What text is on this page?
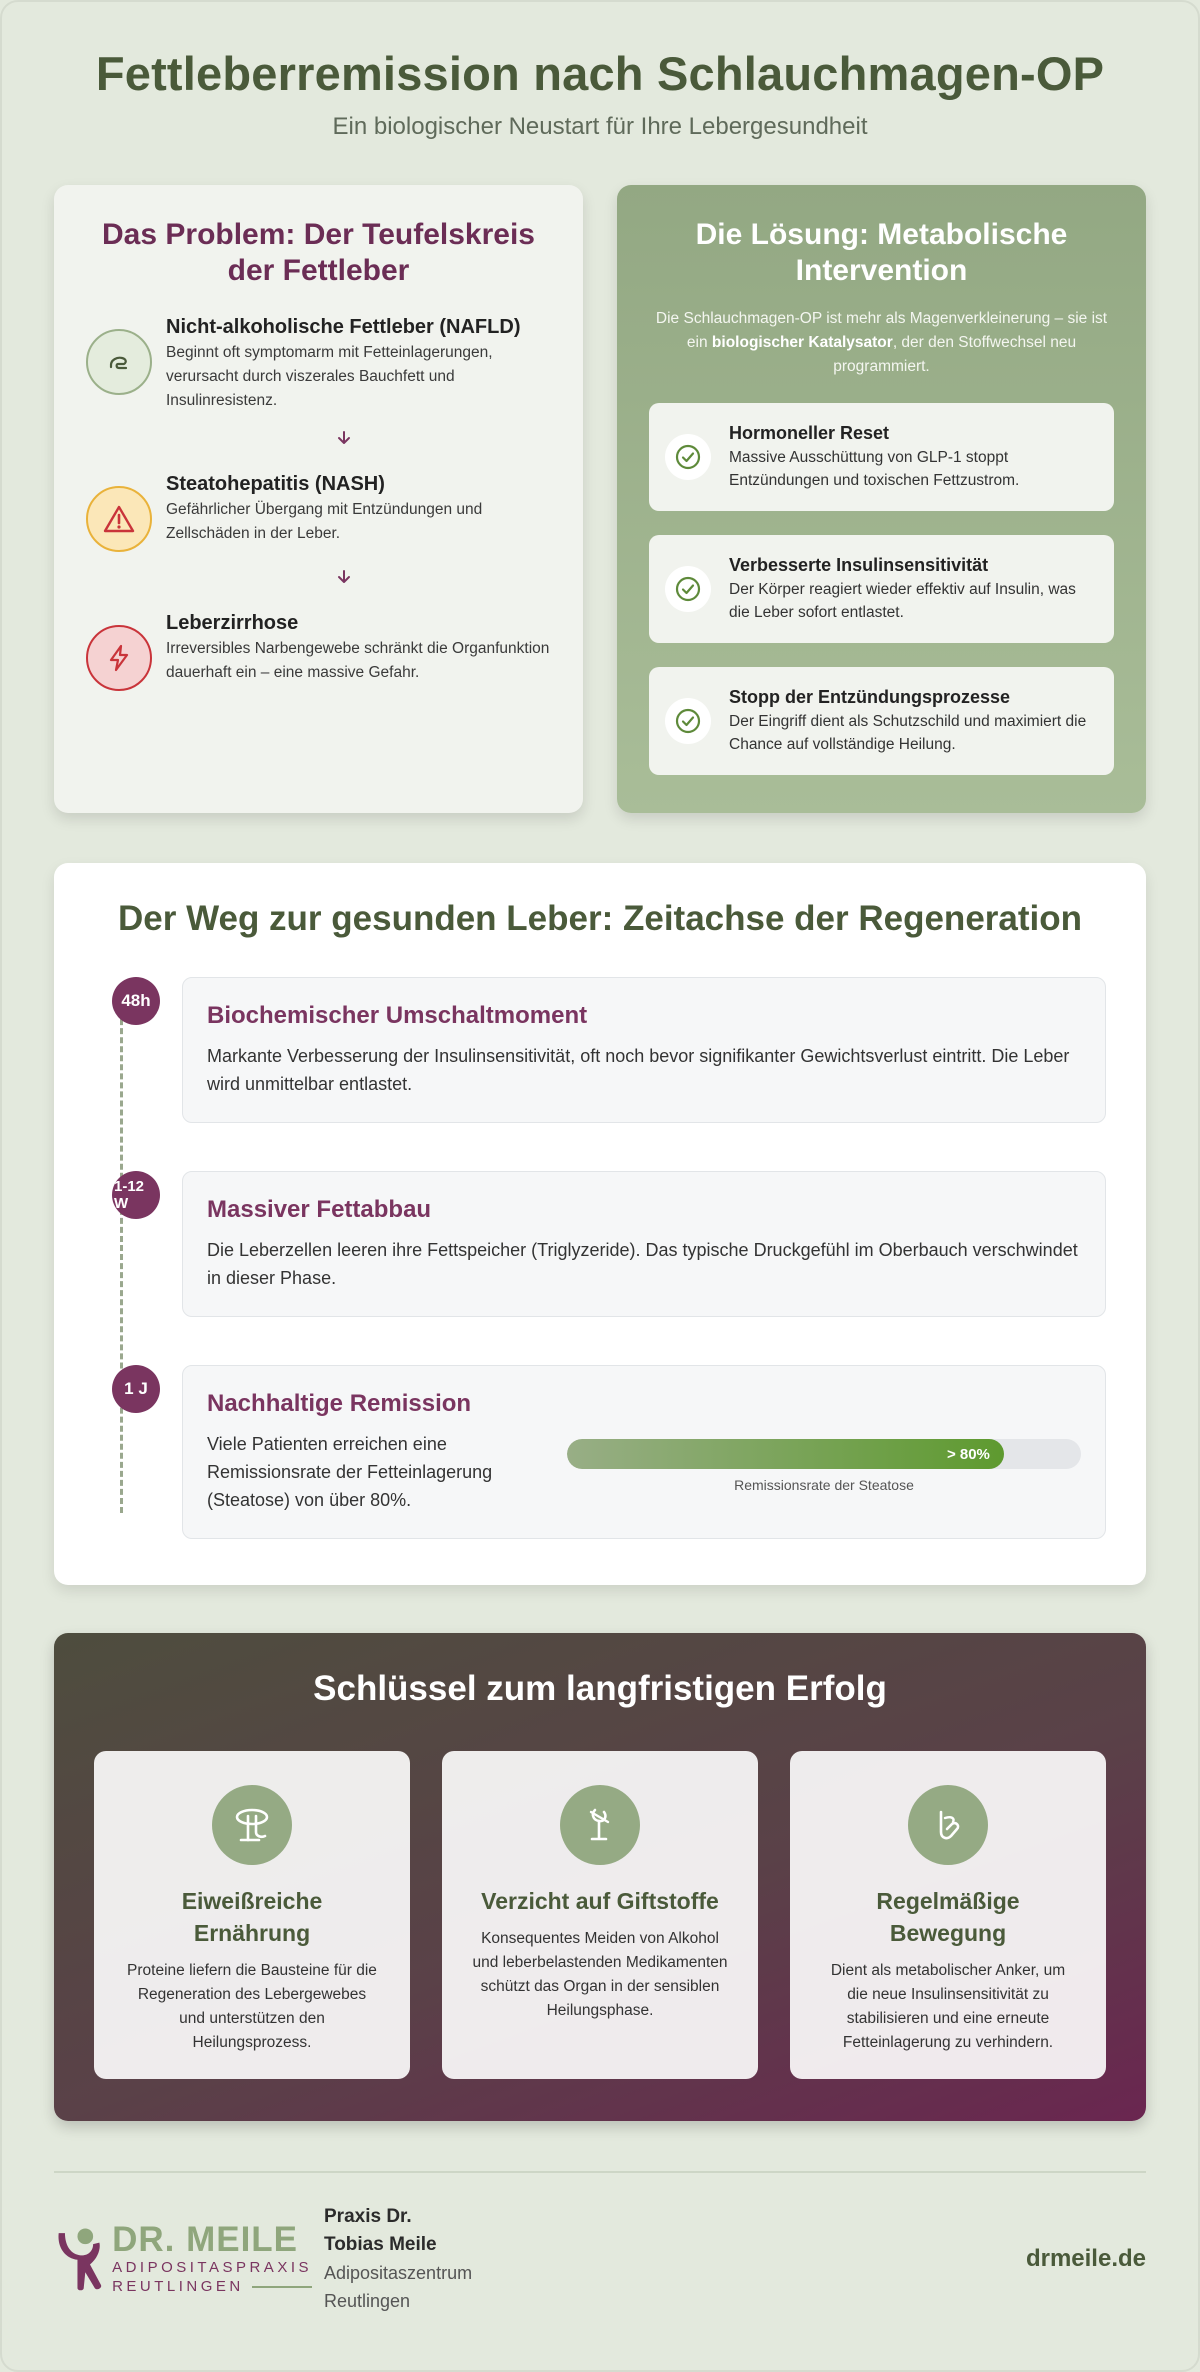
Fettleberremission nach Schlauchmagen-OP
Ein biologischer Neustart für Ihre Lebergesundheit
Das Problem: Der Teufelskreis der Fettleber
Nicht-alkoholische Fettleber (NAFLD)
Beginnt oft symptomarm mit Fetteinlagerungen, verursacht durch viszerales Bauchfett und Insulinresistenz.
Steatohepatitis (NASH)
Gefährlicher Übergang mit Entzündungen und Zellschäden in der Leber.
Leberzirrhose
Irreversibles Narbengewebe schränkt die Organfunktion dauerhaft ein – eine massive Gefahr.
Die Lösung: Metabolische Intervention
Die Schlauchmagen-OP ist mehr als Magenverkleinerung – sie ist ein biologischer Katalysator, der den Stoffwechsel neu programmiert.
Hormoneller Reset
Massive Ausschüttung von GLP-1 stoppt Entzündungen und toxischen Fettzustrom.
Verbesserte Insulinsensitivität
Der Körper reagiert wieder effektiv auf Insulin, was die Leber sofort entlastet.
Stopp der Entzündungsprozesse
Der Eingriff dient als Schutzschild und maximiert die Chance auf vollständige Heilung.
Der Weg zur gesunden Leber: Zeitachse der Regeneration
48h
Biochemischer Umschaltmoment
Markante Verbesserung der Insulinsensitivität, oft noch bevor signifikanter Gewichtsverlust eintritt. Die Leber wird unmittelbar entlastet.
1-12 W	Massiver Fettabbau
Die Leberzellen leeren ihre Fettspeicher (Triglyzeride). Das typische Druckgefühl im Oberbauch verschwindet in dieser Phase.
1 J
Nachhaltige Remission
Viele Patienten erreichen eine Remissionsrate der Fetteinlagerung (Steatose) von über 80%.
> 80%
Remissionsrate der Steatose
Schlüssel zum langfristigen Erfolg
Eiweißreiche Ernährung
Proteine liefern die Bausteine für die Regeneration des Lebergewebes und unterstützen den Heilungsprozess.
Verzicht auf Giftstoffe
Konsequentes Meiden von Alkohol und leberbelastenden Medikamenten schützt das Organ in der sensiblen Heilungsphase.
Regelmäßige Bewegung
Dient als metabolischer Anker, um die neue Insulinsensitivität zu stabilisieren und eine erneute Fetteinlagerung zu verhindern.
DR. MEILE
ADIPOSITASPRAXIS
REUTLINGEN
Praxis Dr.
Tobias Meile
Adipositaszentrum
Reutlingen
drmeile.de
